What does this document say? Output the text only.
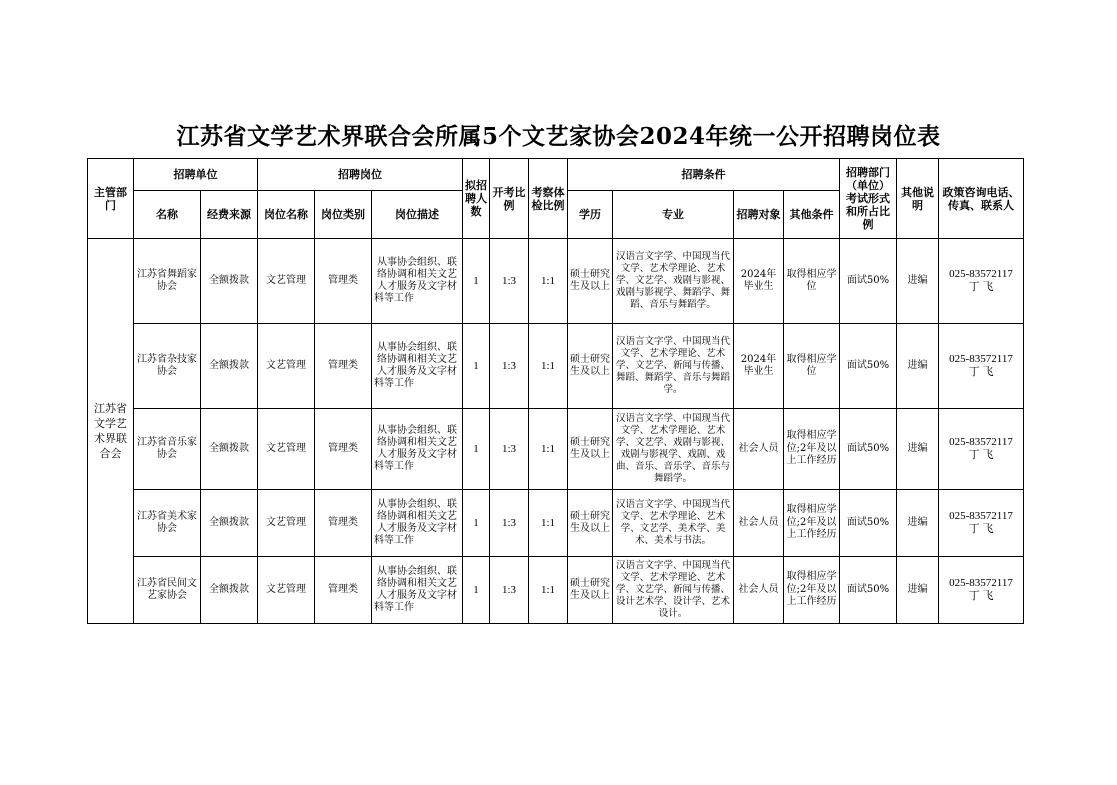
江苏省文学艺术界联合会所属5个文艺家协会2024年统一公开招聘岗位表
主管部门	招聘单位		招聘岗位			拟招聘人数	开考比例	考察体检比例	招聘条件				招聘部门（单位）考试形式和所占比例	其他说明	政策咨询电话、传真、联系人
	名称	经费来源	岗位名称	岗位类别	岗位描述				学历	专业	招聘对象	其他条件			
江苏省文学艺术界联合会	江苏省舞蹈家协会	全额拨款	文艺管理	管理类	从事协会组织、联络协调和相关文艺人才服务及文字材料等工作	1	1:3	1:1	硕士研究生及以上	汉语言文字学、中国现当代文学、艺术学理论、艺术学、文艺学、戏剧与影视、戏剧与影视学、舞蹈学、舞蹈、音乐与舞蹈学。	2024年毕业生	取得相应学位	面试50%	进编	025-83572117
丁 飞

	江苏省杂技家协会	全额拨款	文艺管理	管理类	从事协会组织、联络协调和相关文艺人才服务及文字材料等工作	1	1:3	1:1	硕士研究生及以上	汉语言文字学、中国现当代文学、艺术学理论、艺术学、文艺学、新闻与传播、舞蹈、舞蹈学、音乐与舞蹈学。	2024年毕业生	取得相应学位	面试50%	进编	025-83572117
丁 飞

	江苏省音乐家协会	全额拨款	文艺管理	管理类	从事协会组织、联络协调和相关文艺人才服务及文字材料等工作	1	1:3	1:1	硕士研究生及以上	汉语言文字学、中国现当代文学、艺术学理论、艺术学、文艺学、戏剧与影视、戏剧与影视学、戏剧、戏曲、音乐、音乐学、音乐与舞蹈学。	社会人员	取得相应学位;2年及以上工作经历	面试50%	进编	025-83572117
丁 飞

	江苏省美术家协会	全额拨款	文艺管理	管理类	从事协会组织、联络协调和相关文艺人才服务及文字材料等工作	1	1:3	1:1	硕士研究生及以上	汉语言文字学、中国现当代文学、艺术学理论、艺术学、文艺学、美术学、美术、美术与书法。	社会人员	取得相应学位;2年及以上工作经历	面试50%	进编	025-83572117
丁 飞

	江苏省民间文艺家协会	全额拨款	文艺管理	管理类	从事协会组织、联络协调和相关文艺人才服务及文字材料等工作	1	1:3	1:1	硕士研究生及以上	汉语言文字学、中国现当代文学、艺术学理论、艺术学、文艺学、新闻与传播、设计艺术学、设计学、艺术设计。	社会人员	取得相应学位;2年及以上工作经历	面试50%	进编	025-83572117
丁 飞
